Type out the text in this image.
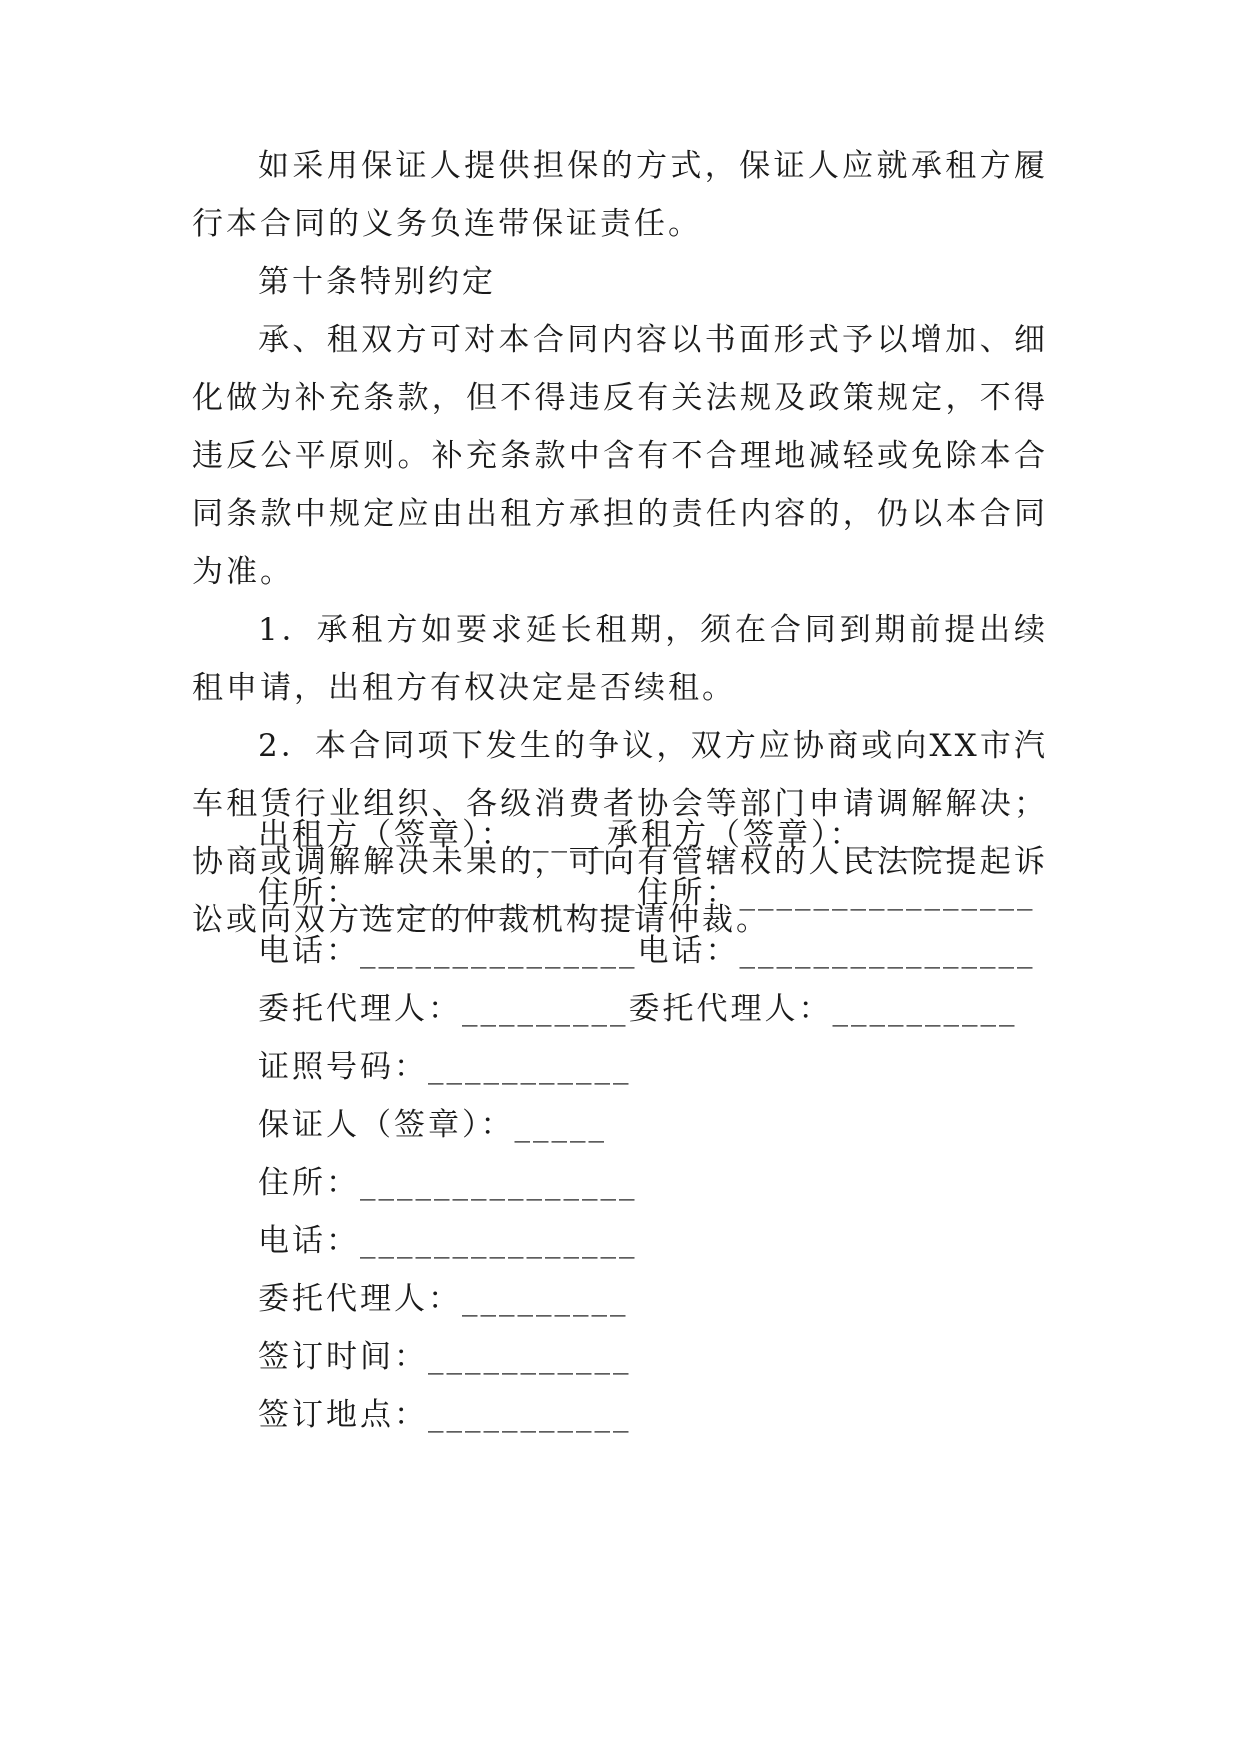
如采用保证人提供担保的方式，保证人应就承租方履行本合同的义务负连带保证责任。

第十条特别约定

承、租双方可对本合同内容以书面形式予以增加、细化做为补充条款，但不得违反有关法规及政策规定，不得违反公平原则。补充条款中含有不合理地减轻或免除本合同条款中规定应由出租方承担的责任内容的，仍以本合同为准。

1．承租方如要求延长租期，须在合同到期前提出续租申请，出租方有权决定是否续租。

2．本合同项下发生的争议，双方应协商或向XX市汽车租赁行业组织、各级消费者协会等部门申请调解解决；协商或调解解决未果的，可向有管辖权的人民法院提起诉讼或向双方选定的仲裁机构提请仲裁。

出租方（签章）：_____承租方（签章）：______

住所：_______________住所：________________

电话：_______________电话：________________

委托代理人：_________委托代理人：__________

证照号码：___________

保证人（签章）：_____

住所：_______________

电话：_______________

委托代理人：_________

签订时间：___________

签订地点：___________
